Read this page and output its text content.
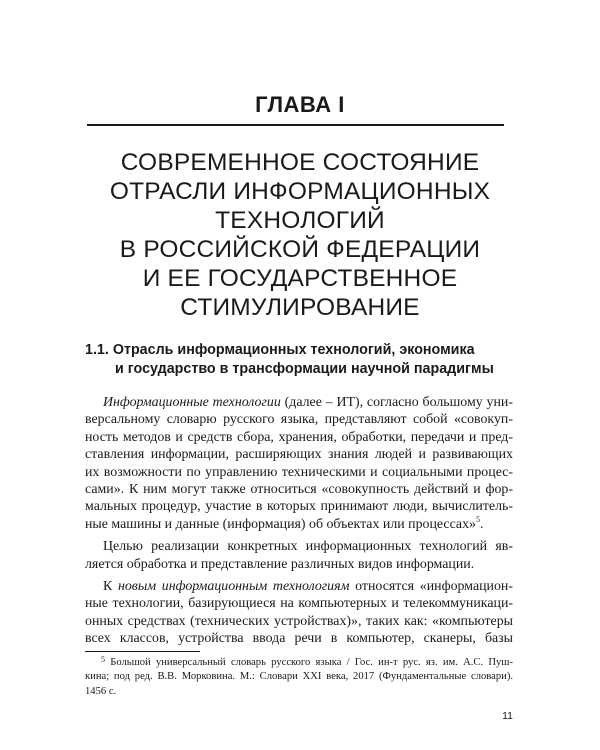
ГЛАВА I
СОВРЕМЕННОЕ СОСТОЯНИЕ
ОТРАСЛИ ИНФОРМАЦИОННЫХ
ТЕХНОЛОГИЙ
В РОССИЙСКОЙ ФЕДЕРАЦИИ
И ЕЕ ГОСУДАРСТВЕННОЕ
СТИМУЛИРОВАНИЕ
1.1. Отрасль информационных технологий, экономика
и государство в трансформации научной парадигмы
Информационные технологии (далее – ИТ), согласно большому уни-
версальному словарю русского языка, представляют собой «совокуп-
ность методов и средств сбора, хранения, обработки, передачи и пред-
ставления информации, расширяющих знания людей и развивающих
их возможности по управлению техническими и социальными процес-
сами». К ним могут также относиться «совокупность действий и фор-
мальных процедур, участие в которых принимают люди, вычислитель-
ные машины и данные (информация) об объектах или процессах»$^5$.
Целью реализации конкретных информационных технологий яв-
ляется обработка и представление различных видов информации.
К новым информационным технологиям относятся «информацион-
ные технологии, базирующиеся на компьютерных и телекоммуникаци-
онных средствах (технических устройствах)», таких как: «компьютеры
всех классов, устройства ввода речи в компьютер, сканеры, базы
$^5$ Большой универсальный словарь русского языка / Гос. ин-т рус. яз. им. А.С. Пуш-
кина; под ред. В.В. Морковина. М.: Словари XXI века, 2017 (Фундаментальные словари).
1456 с.
11
